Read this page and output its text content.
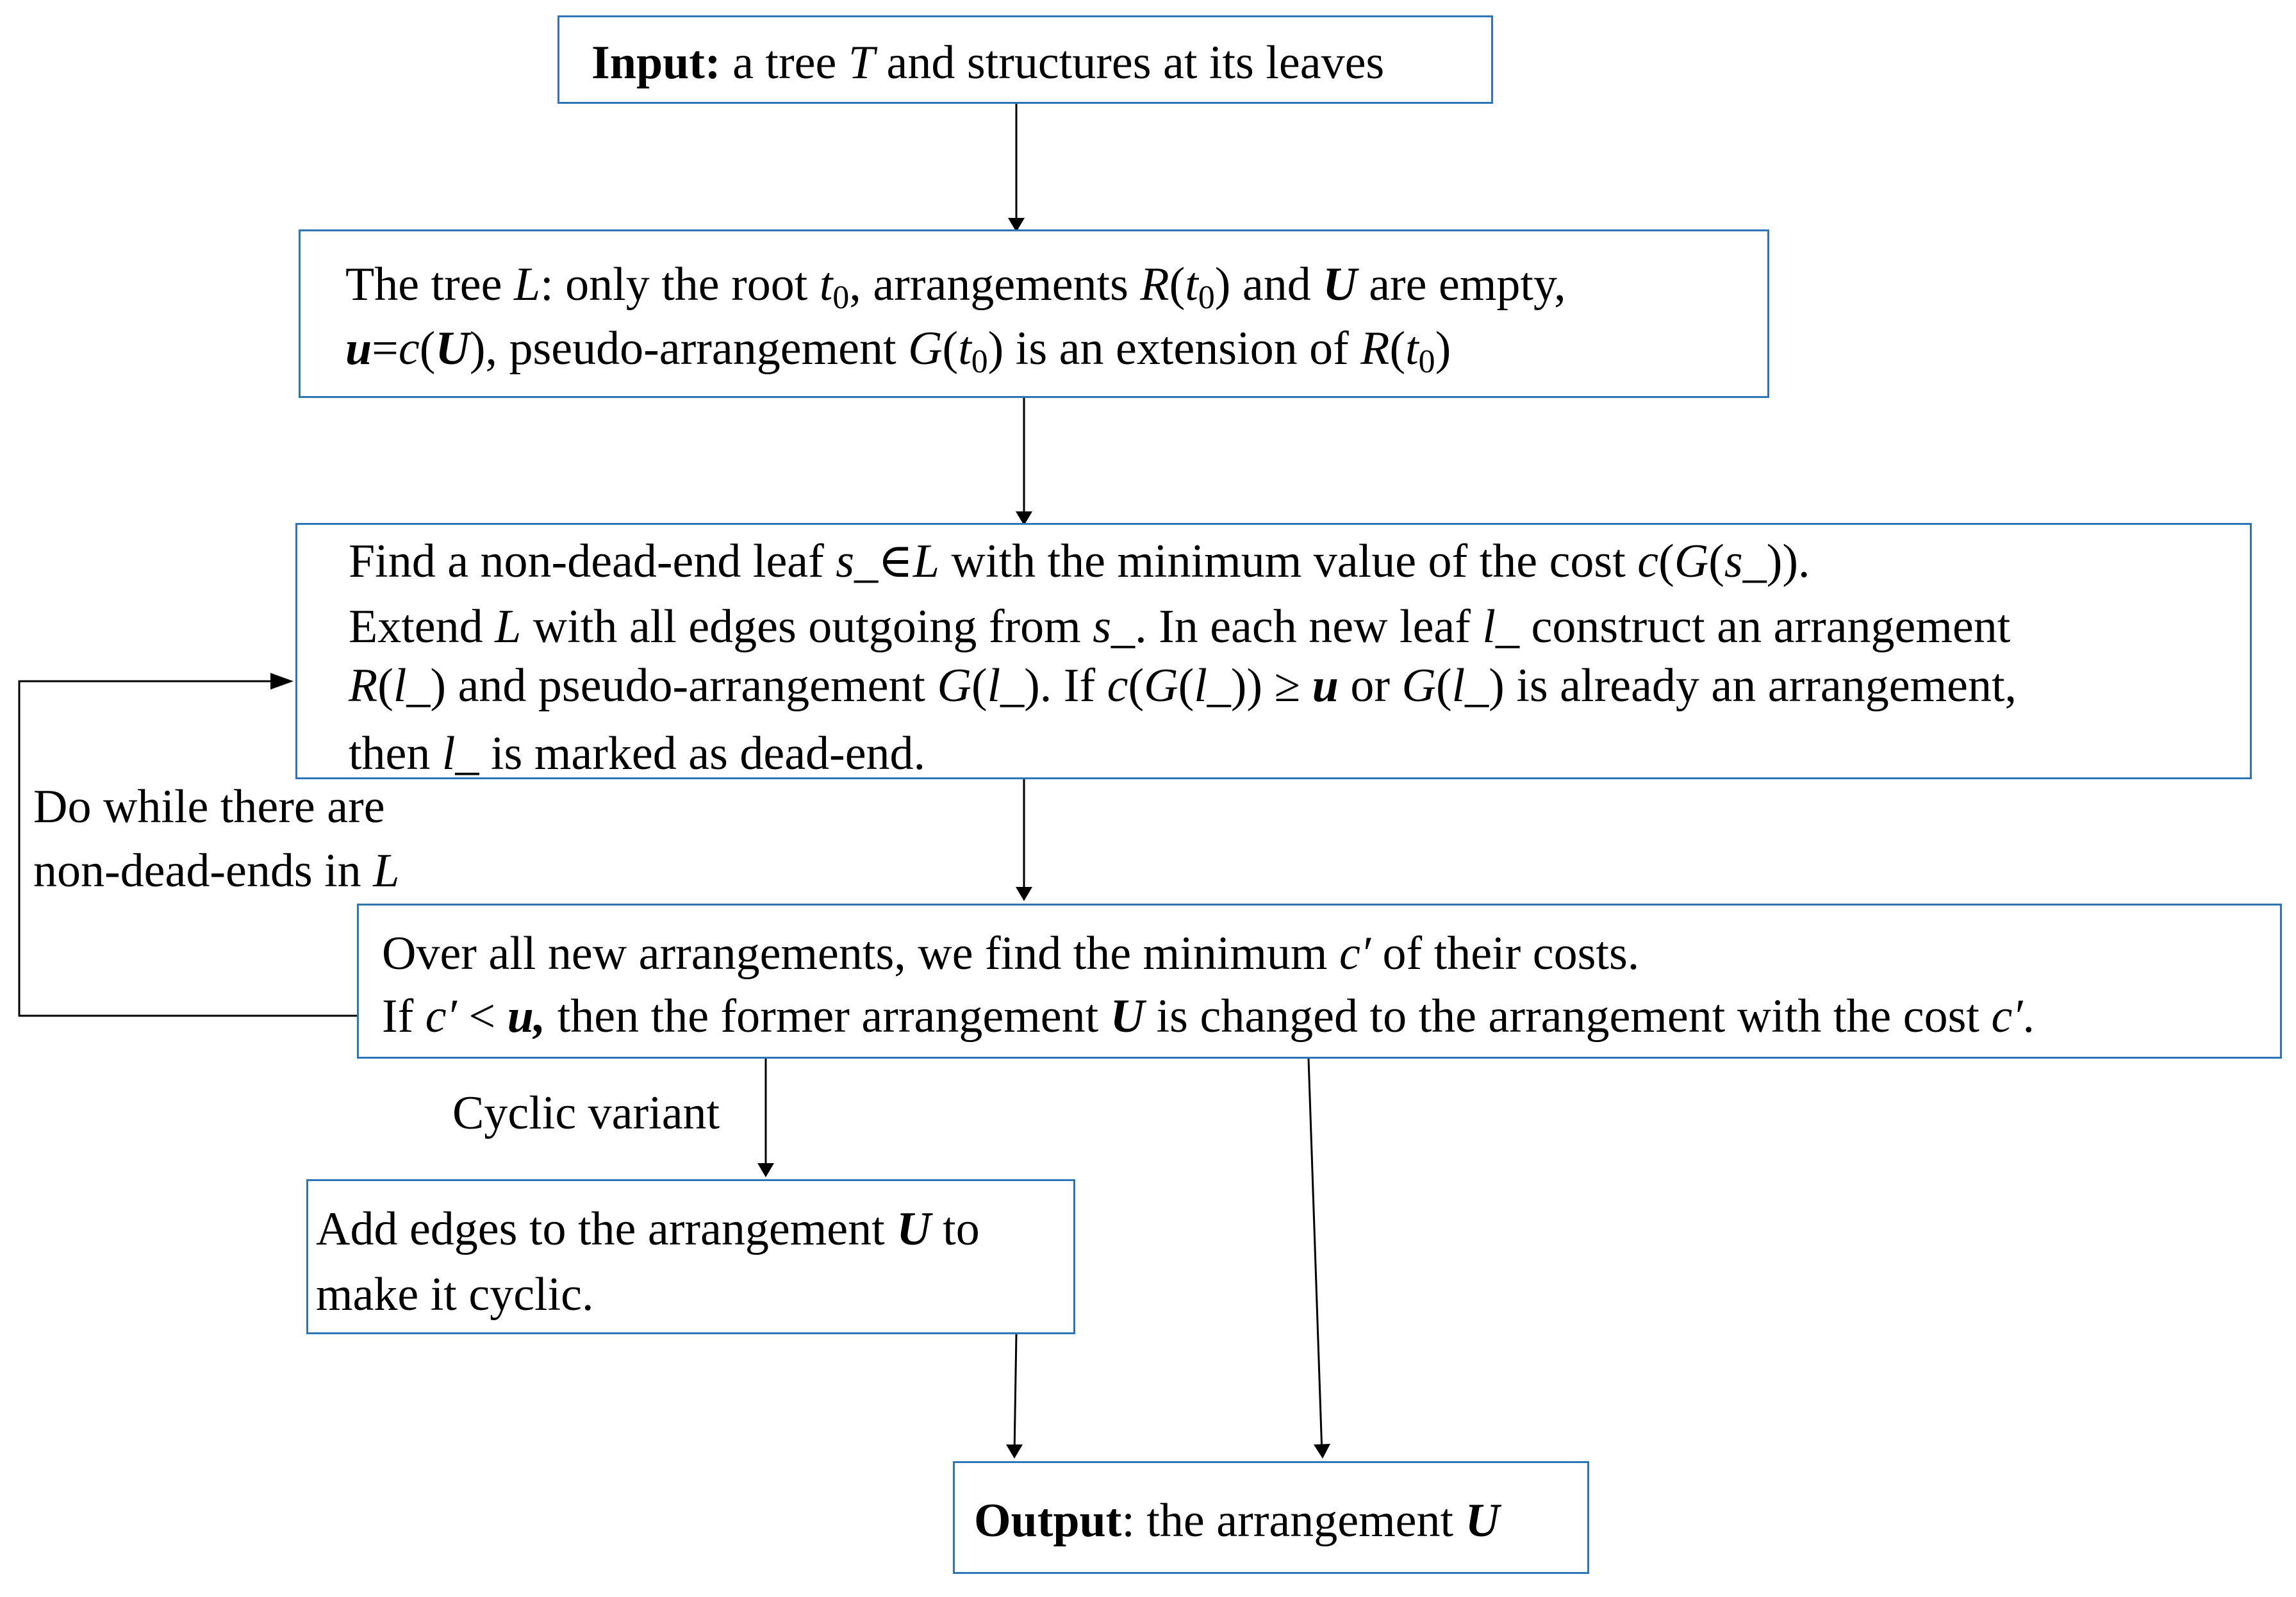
Input: a tree T and structures at its leaves
The tree L: only the root $t_0$, arrangements $R(t_0)$ and U are empty,
u=c(U), pseudo-arrangement $G(t_0)$ is an extension of $R(t_0)$
Find a non-dead-end leaf s_∈L with the minimum value of the cost c(G(s_)).
Extend L with all edges outgoing from s_. In each new leaf l_ construct an arrangement
R(l_) and pseudo-arrangement G(l_). If c(G(l_)) ≥ u or G(l_) is already an arrangement,
then l_ is marked as dead-end.
Over all new arrangements, we find the minimum c′ of their costs.
If c′ < u, then the former arrangement U is changed to the arrangement with the cost c′.
Add edges to the arrangement U to
make it cyclic.
Output: the arrangement U
Do while there are
non-dead-ends in L
Cyclic variant
